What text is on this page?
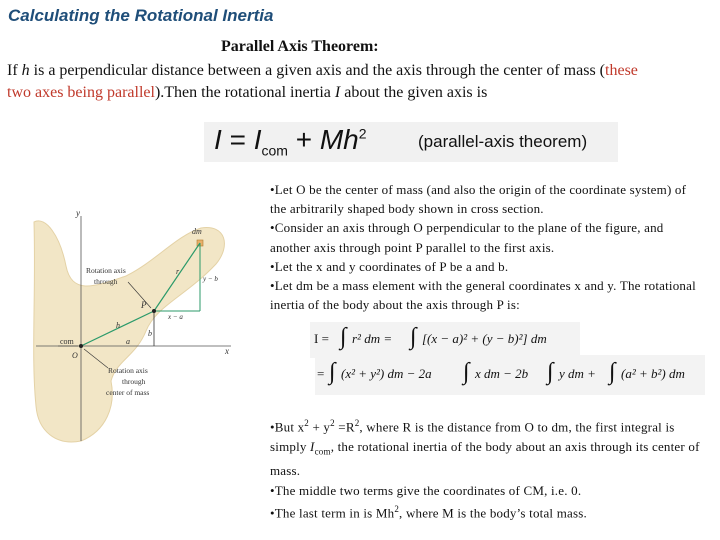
Calculating the Rotational Inertia
Parallel Axis Theorem:
If h is a perpendicular distance between a given axis and the axis through the center of mass (these two axes being parallel).Then the rotational inertia I about the given axis is
$I = I_{com} + Mh^2$	(parallel-axis theorem)
y
x
dm
r
y − b
x − a
P
h
b
a
com
O
Rotation axis
through
Rotation axis
through
center of mass

•Let O be the center of mass (and also the origin of the coordinate system) of the arbitrarily shaped body shown in cross section.

•Consider an axis through O perpendicular to the plane of the figure, and another axis through point P parallel to the first axis.

•Let the x and y coordinates of P be a and b.

•Let dm be a mass element with the general coordinates x and y. The rotational inertia of the body about the axis through P is:

I = ∫ r² dm = ∫ [(x − a)² + (y − b)²] dm
= ∫ (x² + y²) dm − 2a ∫ x dm − 2b ∫ y dm + ∫ (a² + b²) dm

•But $x^2 + y^2 =R^2$, where R is the distance from O to dm, the first integral is simply $I_{com}$, the rotational inertia of the body about an axis through its center of mass.

•The middle two terms give the coordinates of CM, i.e. 0.

•The last term in is Mh$^2$, where M is the body’s total mass.
